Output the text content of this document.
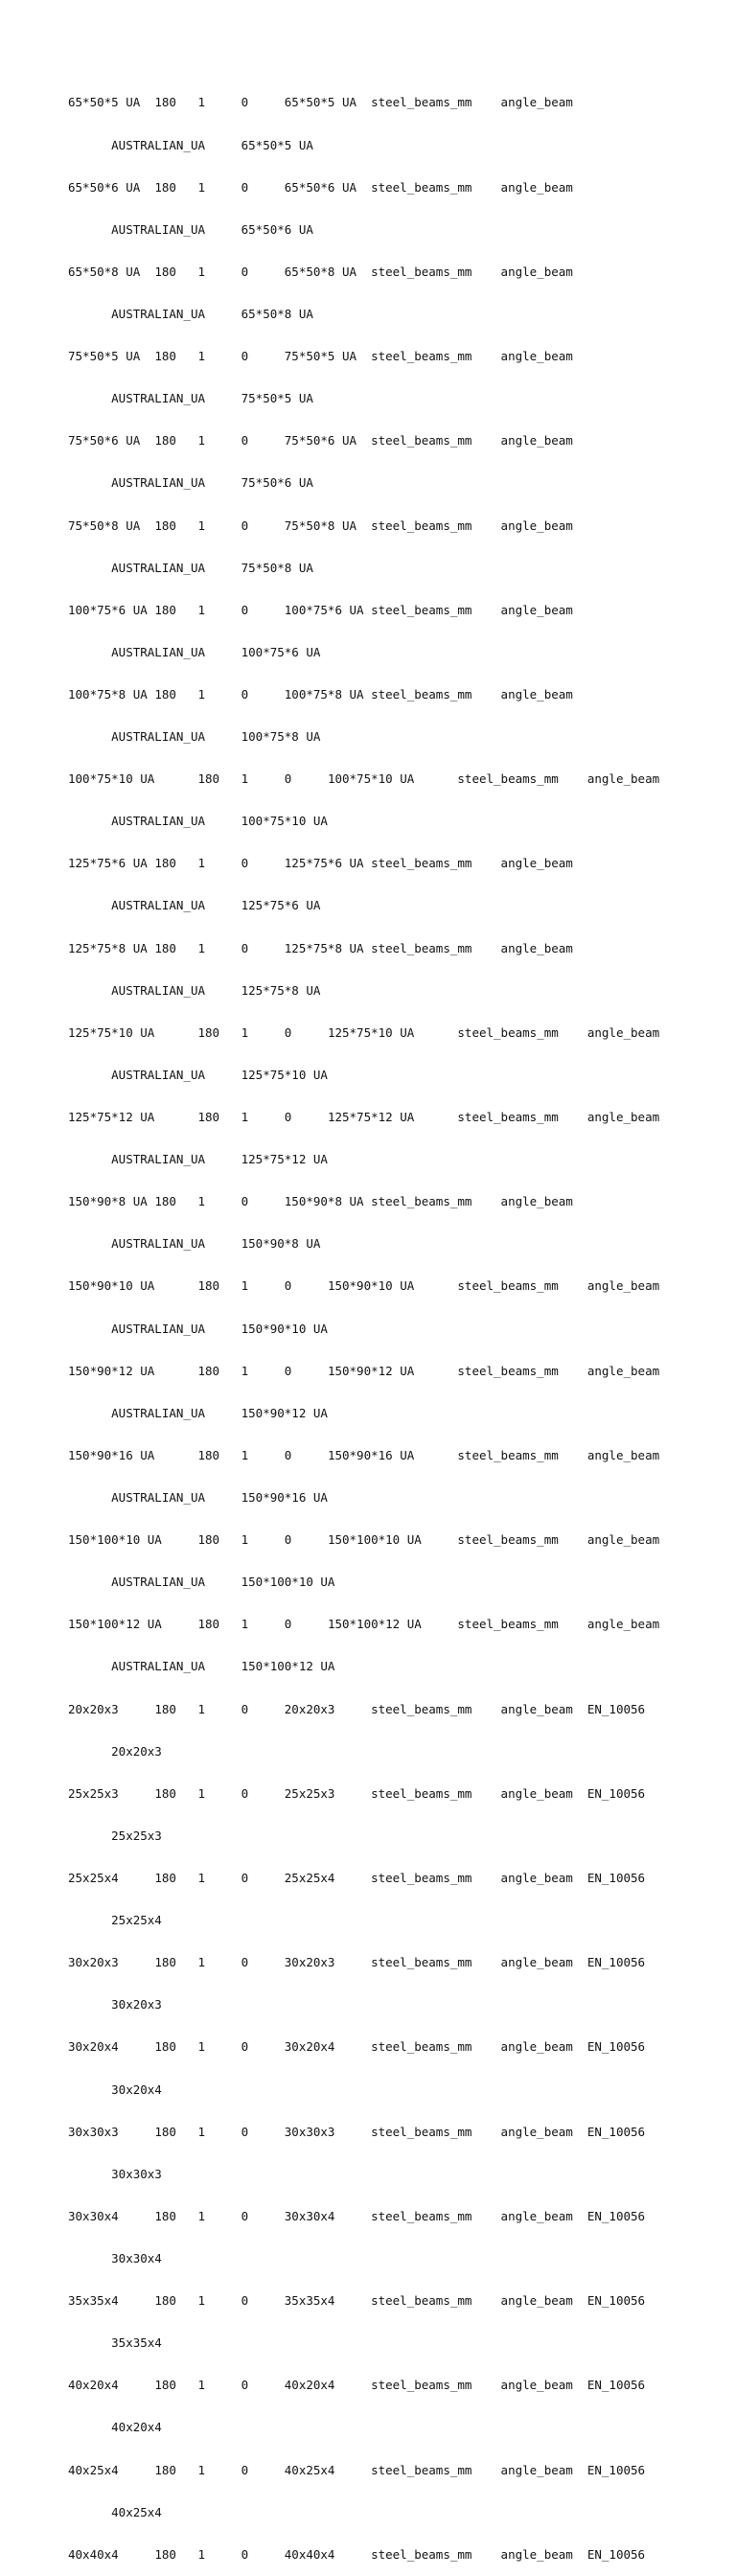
65*50*5 UA	180	1	0	65*50*5 UA	steel_beams_mm	angle_beam

	AUSTRALIAN_UA	65*50*5 UA

65*50*6 UA	180	1	0	65*50*6 UA	steel_beams_mm	angle_beam

	AUSTRALIAN_UA	65*50*6 UA

65*50*8 UA	180	1	0	65*50*8 UA	steel_beams_mm	angle_beam

	AUSTRALIAN_UA	65*50*8 UA

75*50*5 UA	180	1	0	75*50*5 UA	steel_beams_mm	angle_beam

	AUSTRALIAN_UA	75*50*5 UA

75*50*6 UA	180	1	0	75*50*6 UA	steel_beams_mm	angle_beam

	AUSTRALIAN_UA	75*50*6 UA

75*50*8 UA	180	1	0	75*50*8 UA	steel_beams_mm	angle_beam

	AUSTRALIAN_UA	75*50*8 UA

100*75*6 UA	180	1	0	100*75*6 UA	steel_beams_mm	angle_beam

	AUSTRALIAN_UA	100*75*6 UA

100*75*8 UA	180	1	0	100*75*8 UA	steel_beams_mm	angle_beam

	AUSTRALIAN_UA	100*75*8 UA

100*75*10 UA	180	1	0	100*75*10 UA	steel_beams_mm	angle_beam

	AUSTRALIAN_UA	100*75*10 UA

125*75*6 UA	180	1	0	125*75*6 UA	steel_beams_mm	angle_beam

	AUSTRALIAN_UA	125*75*6 UA

125*75*8 UA	180	1	0	125*75*8 UA	steel_beams_mm	angle_beam

	AUSTRALIAN_UA	125*75*8 UA

125*75*10 UA	180	1	0	125*75*10 UA	steel_beams_mm	angle_beam

	AUSTRALIAN_UA	125*75*10 UA

125*75*12 UA	180	1	0	125*75*12 UA	steel_beams_mm	angle_beam

	AUSTRALIAN_UA	125*75*12 UA

150*90*8 UA	180	1	0	150*90*8 UA	steel_beams_mm	angle_beam

	AUSTRALIAN_UA	150*90*8 UA

150*90*10 UA	180	1	0	150*90*10 UA	steel_beams_mm	angle_beam

	AUSTRALIAN_UA	150*90*10 UA

150*90*12 UA	180	1	0	150*90*12 UA	steel_beams_mm	angle_beam

	AUSTRALIAN_UA	150*90*12 UA

150*90*16 UA	180	1	0	150*90*16 UA	steel_beams_mm	angle_beam

	AUSTRALIAN_UA	150*90*16 UA

150*100*10 UA	180	1	0	150*100*10 UA	steel_beams_mm	angle_beam

	AUSTRALIAN_UA	150*100*10 UA

150*100*12 UA	180	1	0	150*100*12 UA	steel_beams_mm	angle_beam

	AUSTRALIAN_UA	150*100*12 UA

20x20x3	180	1	0	20x20x3	steel_beams_mm	angle_beam	EN_10056

	20x20x3

25x25x3	180	1	0	25x25x3	steel_beams_mm	angle_beam	EN_10056

	25x25x3

25x25x4	180	1	0	25x25x4	steel_beams_mm	angle_beam	EN_10056

	25x25x4

30x20x3	180	1	0	30x20x3	steel_beams_mm	angle_beam	EN_10056

	30x20x3

30x20x4	180	1	0	30x20x4	steel_beams_mm	angle_beam	EN_10056

	30x20x4

30x30x3	180	1	0	30x30x3	steel_beams_mm	angle_beam	EN_10056

	30x30x3

30x30x4	180	1	0	30x30x4	steel_beams_mm	angle_beam	EN_10056

	30x30x4

35x35x4	180	1	0	35x35x4	steel_beams_mm	angle_beam	EN_10056

	35x35x4

40x20x4	180	1	0	40x20x4	steel_beams_mm	angle_beam	EN_10056

	40x20x4

40x25x4	180	1	0	40x25x4	steel_beams_mm	angle_beam	EN_10056

	40x25x4

40x40x4	180	1	0	40x40x4	steel_beams_mm	angle_beam	EN_10056
